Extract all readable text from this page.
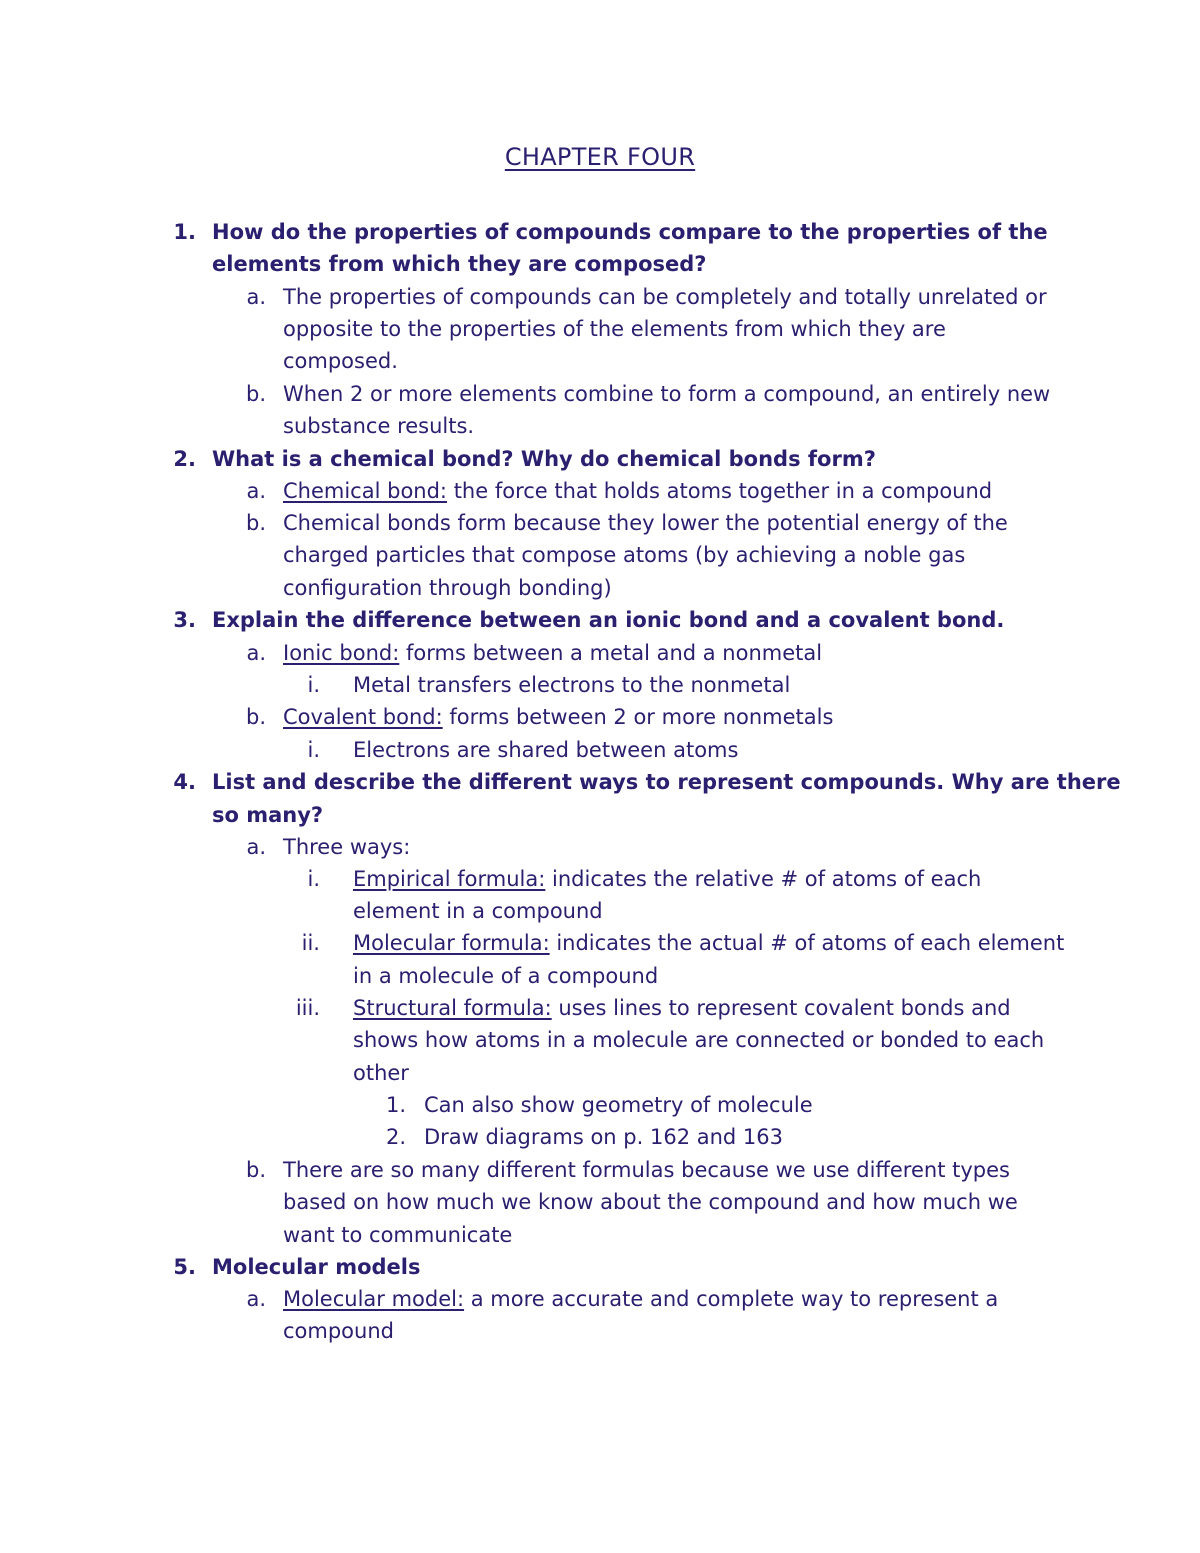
CHAPTER FOUR
1. How do the properties of compounds compare to the properties of the
elements from which they are composed?
a. The properties of compounds can be completely and totally unrelated or
opposite to the properties of the elements from which they are
composed.
b. When 2 or more elements combine to form a compound, an entirely new
substance results.
2. What is a chemical bond? Why do chemical bonds form?
a. Chemical bond: the force that holds atoms together in a compound
b. Chemical bonds form because they lower the potential energy of the
charged particles that compose atoms (by achieving a noble gas
configuration through bonding)
3. Explain the difference between an ionic bond and a covalent bond.
a. Ionic bond: forms between a metal and a nonmetal
i. Metal transfers electrons to the nonmetal
b. Covalent bond: forms between 2 or more nonmetals
i. Electrons are shared between atoms
4. List and describe the different ways to represent compounds. Why are there
so many?
a. Three ways:
i. Empirical formula: indicates the relative # of atoms of each
element in a compound
ii. Molecular formula: indicates the actual # of atoms of each element
in a molecule of a compound
iii. Structural formula: uses lines to represent covalent bonds and
shows how atoms in a molecule are connected or bonded to each
other
1. Can also show geometry of molecule
2. Draw diagrams on p. 162 and 163
b. There are so many different formulas because we use different types
based on how much we know about the compound and how much we
want to communicate
5. Molecular models
a. Molecular model: a more accurate and complete way to represent a
compound
